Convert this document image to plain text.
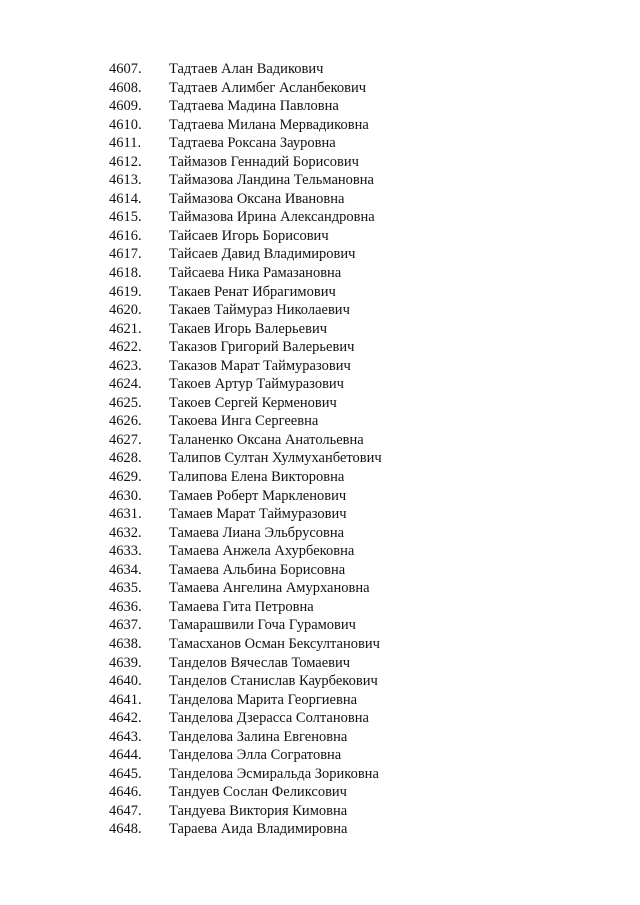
4607.	Тадтаев Алан Вадикович
4608.	Тадтаев Алимбег Асланбекович
4609.	Тадтаева Мадина Павловна
4610.	Тадтаева Милана Мервадиковна
4611.	Тадтаева Роксана Зауровна
4612.	Таймазов Геннадий Борисович
4613.	Таймазова Ландина Тельмановна
4614.	Таймазова Оксана Ивановна
4615.	Таймазова Ирина Александровна
4616.	Тайсаев Игорь Борисович
4617.	Тайсаев Давид Владимирович
4618.	Тайсаева Ника Рамазановна
4619.	Такаев Ренат Ибрагимович
4620.	Такаев Таймураз Николаевич
4621.	Такаев Игорь Валерьевич
4622.	Таказов Григорий Валерьевич
4623.	Таказов Марат Таймуразович
4624.	Такоев Артур Таймуразович
4625.	Такоев Сергей Керменович
4626.	Такоева Инга Сергеевна
4627.	Таланенко Оксана Анатольевна
4628.	Талипов Султан Хулмуханбетович
4629.	Талипова Елена Викторовна
4630.	Тамаев Роберт Маркленович
4631.	Тамаев Марат Таймуразович
4632.	Тамаева Лиана Эльбрусовна
4633.	Тамаева Анжела Ахурбековна
4634.	Тамаева Альбина Борисовна
4635.	Тамаева Ангелина Амурхановна
4636.	Тамаева Гита Петровна
4637.	Тамарашвили Гоча Гурамович
4638.	Тамасханов Осман Бексултанович
4639.	Танделов Вячеслав Томаевич
4640.	Танделов Станислав Каурбекович
4641.	Танделова Марита Георгиевна
4642.	Танделова Дзерасса Солтановна
4643.	Танделова Залина Евгеновна
4644.	Танделова Элла Согратовна
4645.	Танделова Эсмиральда Зориковна
4646.	Тандуев Сослан Феликсович
4647.	Тандуева Виктория Кимовна
4648.	Тараева Аида Владимировна
